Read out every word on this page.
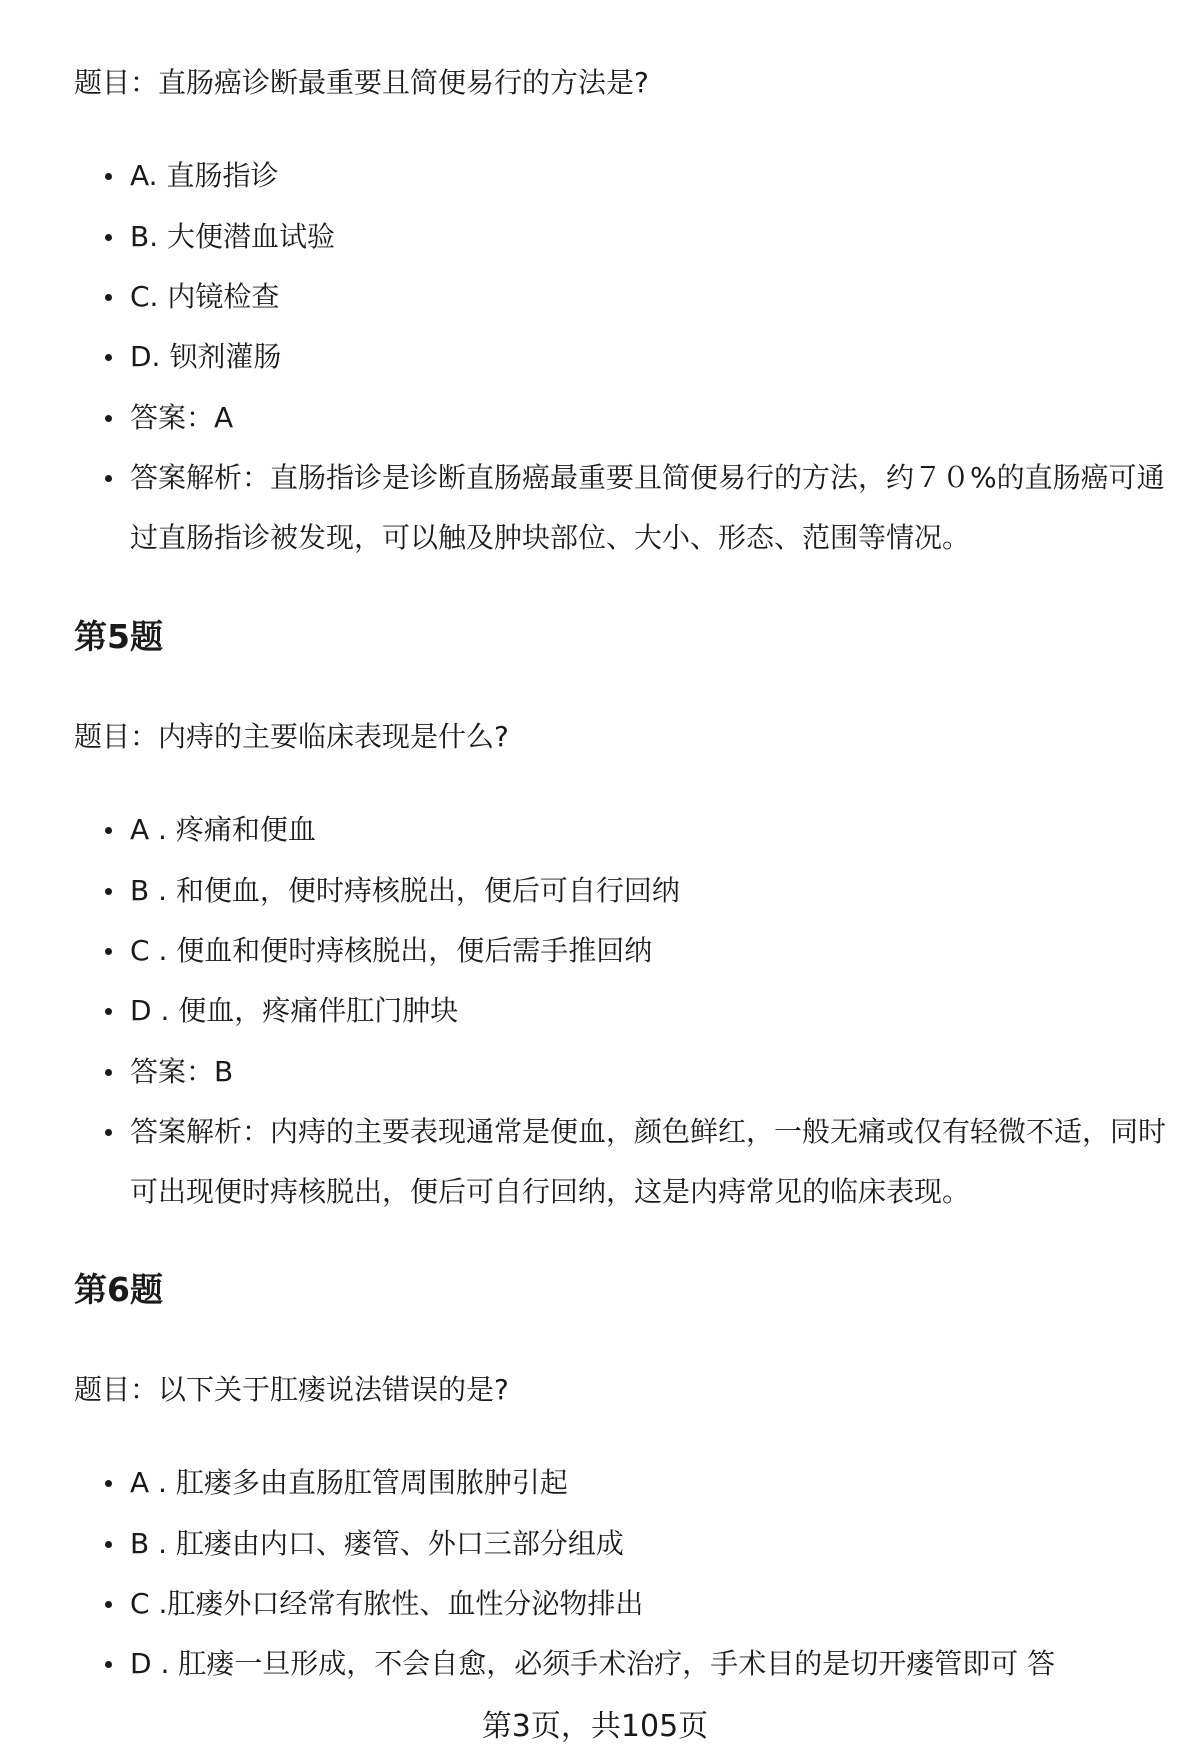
题目：直肠癌诊断最重要且简便易行的方法是?

A. 直肠指诊
B. 大便潜血试验
C. 内镜检查
D. 钡剂灌肠
答案：A
答案解析：直肠指诊是诊断直肠癌最重要且简便易行的方法，约７０%的直肠癌可通过直肠指诊被发现，可以触及肿块部位、大小、形态、范围等情况。
第5题

题目：内痔的主要临床表现是什么?

A . 疼痛和便血
B . 和便血，便时痔核脱出，便后可自行回纳
C . 便血和便时痔核脱出，便后需手推回纳
D . 便血，疼痛伴肛门肿块
答案：B
答案解析：内痔的主要表现通常是便血，颜色鲜红，一般无痛或仅有轻微不适，同时可出现便时痔核脱出，便后可自行回纳，这是内痔常见的临床表现。
第6题

题目：以下关于肛瘘说法错误的是?

A . 肛瘘多由直肠肛管周围脓肿引起
B . 肛瘘由内口、瘘管、外口三部分组成
C .肛瘘外口经常有脓性、血性分泌物排出
D . 肛瘘一旦形成，不会自愈，必须手术治疗，手术目的是切开瘘管即可 答
第3页，共105页
